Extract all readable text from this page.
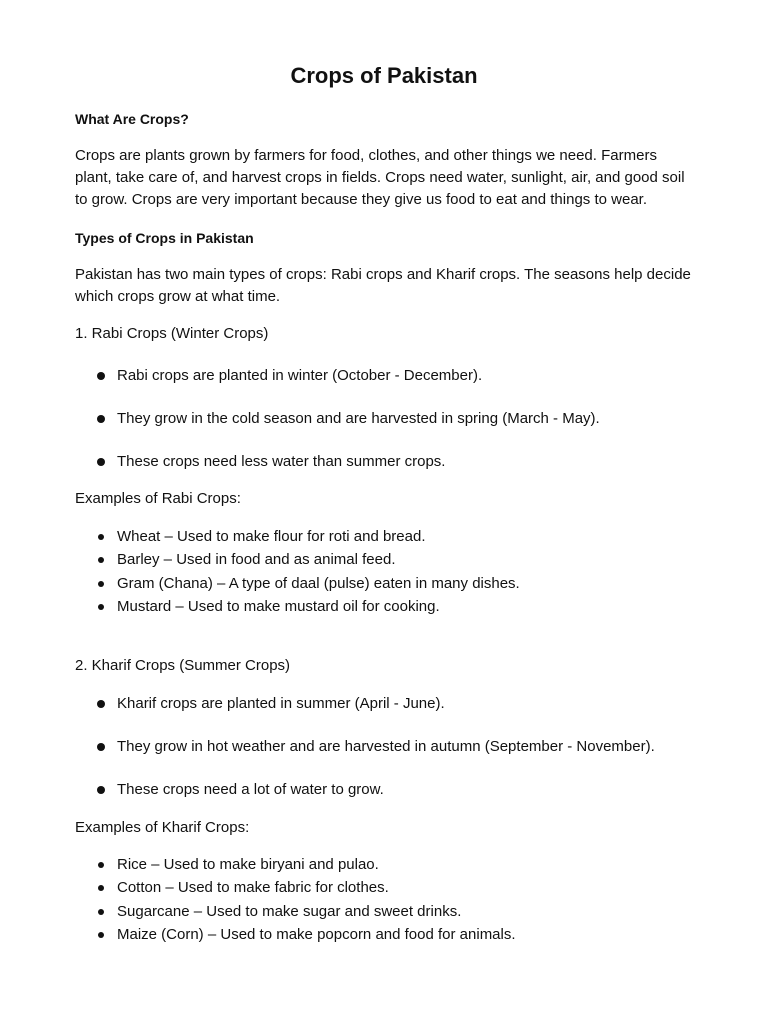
Crops of Pakistan
What Are Crops?
Crops are plants grown by farmers for food, clothes, and other things we need. Farmers plant, take care of, and harvest crops in fields. Crops need water, sunlight, air, and good soil to grow. Crops are very important because they give us food to eat and things to wear.
Types of Crops in Pakistan
Pakistan has two main types of crops: Rabi crops and Kharif crops. The seasons help decide which crops grow at what time.
1. Rabi Crops (Winter Crops)
Rabi crops are planted in winter (October - December).
They grow in the cold season and are harvested in spring (March - May).
These crops need less water than summer crops.
Examples of Rabi Crops:
Wheat – Used to make flour for roti and bread.
Barley – Used in food and as animal feed.
Gram (Chana) – A type of daal (pulse) eaten in many dishes.
Mustard – Used to make mustard oil for cooking.
2. Kharif Crops (Summer Crops)
Kharif crops are planted in summer (April - June).
They grow in hot weather and are harvested in autumn (September - November).
These crops need a lot of water to grow.
Examples of Kharif Crops:
Rice – Used to make biryani and pulao.
Cotton – Used to make fabric for clothes.
Sugarcane – Used to make sugar and sweet drinks.
Maize (Corn) – Used to make popcorn and food for animals.
